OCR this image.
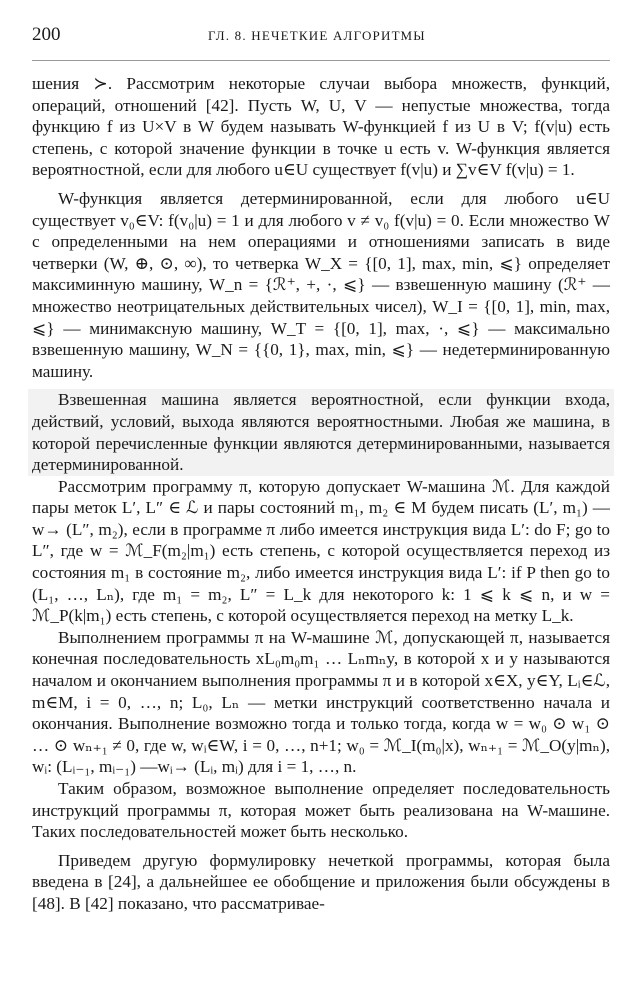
200	ГЛ. 8. НЕЧЕТКИЕ АЛГОРИТМЫ

шения ≻. Рассмотрим некоторые случаи выбора множеств, функций, операций, отношений [42]. Пусть W, U, V — непустые множества, тогда функцию f из U×V в W будем называть W-функцией f из U в V; f(v|u) есть степень, с которой значение функции в точке u есть v. W-функция является вероятностной, если для любого u∈U существует f(v|u) и ∑v∈V f(v|u) = 1.

W-функция является детерминированной, если для любого u∈U существует v₀∈V: f(v₀|u) = 1 и для любого v ≠ v₀ f(v|u) = 0. Если множество W с определенными на нем операциями и отношениями записать в виде четверки (W, ⊕, ⊙, ∞), то четверка W_X = {[0, 1], max, min, ⩽} определяет максиминную машину, W_n = {ℛ⁺, +, ·, ⩽} — взвешенную машину (ℛ⁺ — множество неотрицательных действительных чисел), W_I = {[0, 1], min, max, ⩽} — минимаксную машину, W_T = {[0, 1], max, ·, ⩽} — максимально взвешенную машину, W_N = {{0, 1}, max, min, ⩽} — недетерминированную машину.

Взвешенная машина является вероятностной, если функции входа, действий, условий, выхода являются вероятностными. Любая же машина, в которой перечисленные функции являются детерминированными, называется детерминированной.

Рассмотрим программу π, которую допускает W-машина ℳ. Для каждой пары меток L′, L″ ∈ ℒ и пары состояний m₁, m₂ ∈ M будем писать (L′, m₁) —w→ (L″, m₂), если в программе π либо имеется инструкция вида L′: do F; go to L″, где w = ℳ_F(m₂|m₁) есть степень, с которой осуществляется переход из состояния m₁ в состояние m₂, либо имеется инструкция вида L′: if P then go to (L₁, …, Lₙ), где m₁ = m₂, L″ = L_k для некоторого k: 1 ⩽ k ⩽ n, и w = ℳ_P(k|m₁) есть степень, с которой осуществляется переход на метку L_k.

Выполнением программы π на W-машине ℳ, допускающей π, называется конечная последовательность xL₀m₀m₁ … Lₙmₙy, в которой x и y называются началом и окончанием выполнения программы π и в которой x∈X, y∈Y, Lᵢ∈ℒ, m∈M, i = 0, …, n; L₀, Lₙ — метки инструкций соответственно начала и окончания. Выполнение возможно тогда и только тогда, когда w = w₀ ⊙ w₁ ⊙ … ⊙ wₙ₊₁ ≠ 0, где w, wᵢ∈W, i = 0, …, n+1; w₀ = ℳ_I(m₀|x), wₙ₊₁ = ℳ_O(y|mₙ), wᵢ: (Lᵢ₋₁, mᵢ₋₁) —wᵢ→ (Lᵢ, mᵢ) для i = 1, …, n.

Таким образом, возможное выполнение определяет последовательность инструкций программы π, которая может быть реализована на W-машине. Таких последовательностей может быть несколько.

Приведем другую формулировку нечеткой программы, которая была введена в [24], а дальнейшее ее обобщение и приложения были обсуждены в [48]. В [42] показано, что рассматривае-
